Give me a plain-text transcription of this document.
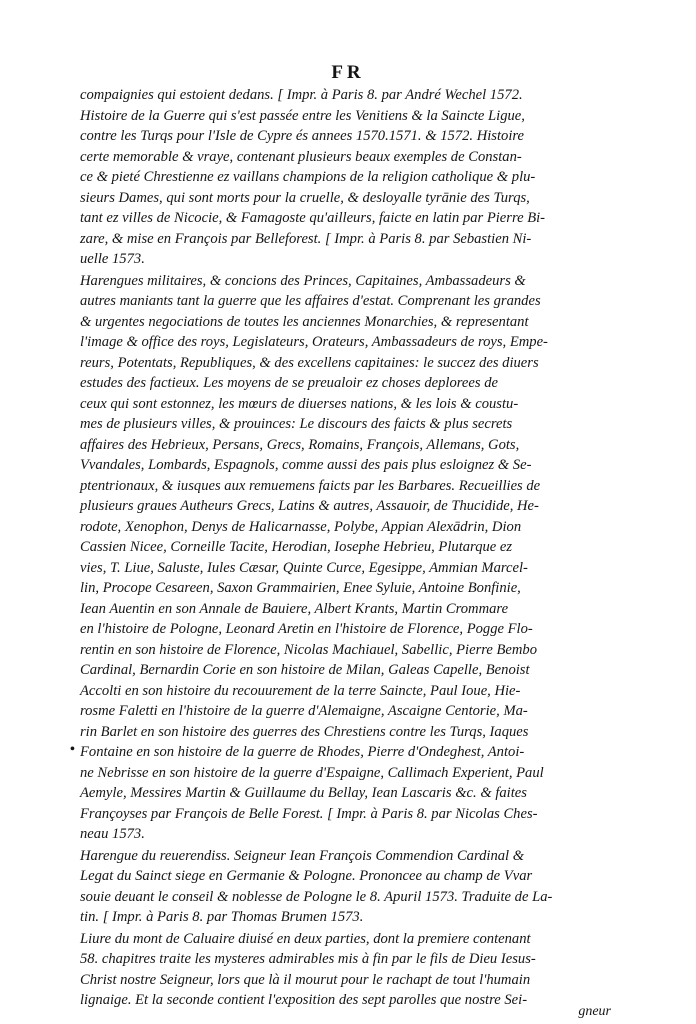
FR
compaignies qui estoient dedans. [ Impr. à Paris 8. par André Wechel 1572.
Histoire de la Guerre qui s'est passée entre les Venitiens & la Saincte Ligue,
contre les Turqs pour l'Isle de Cypre és annees 1570.1571. & 1572. Histoire
certe memorable & vraye, contenant plusieurs beaux exemples de Constan-
ce & pieté Chrestienne ez vaillans champions de la religion catholique & plu-
sieurs Dames, qui sont morts pour la cruelle, & desloyalle tyrānie des Turqs,
tant ez villes de Nicocie, & Famagoste qu'ailleurs, faicte en latin par Pierre Bi-
zare, & mise en François par Belleforest. [ Impr. à Paris 8. par Sebastien Ni-
uelle 1573.
Harengues militaires, & concions des Princes, Capitaines, Ambassadeurs &
autres maniants tant la guerre que les affaires d'estat. Comprenant les grandes
& urgentes negociations de toutes les anciennes Monarchies, & representant
l'image & office des roys, Legislateurs, Orateurs, Ambassadeurs de roys, Empe-
reurs, Potentats, Republiques, & des excellens capitaines: le succez des diuers
estudes des factieux. Les moyens de se preualoir ez choses deplorees de
ceux qui sont estonnez, les mœurs de diuerses nations, & les lois & coustu-
mes de plusieurs villes, & prouinces: Le discours des faicts & plus secrets
affaires des Hebrieux, Persans, Grecs, Romains, François, Allemans, Gots,
Vvandales, Lombards, Espagnols, comme aussi des pais plus esloignez & Se-
ptentrionaux, & iusques aux remuemens faicts par les Barbares. Recueillies de
plusieurs graues Autheurs Grecs, Latins & autres, Assauoir, de Thucidide, He-
rodote, Xenophon, Denys de Halicarnasse, Polybe, Appian Alexādrin, Dion
Cassien Nicee, Corneille Tacite, Herodian, Iosephe Hebrieu, Plutarque ez
vies, T. Liue, Saluste, Iules Cæsar, Quinte Curce, Egesippe, Ammian Marcel-
lin, Procope Cesareen, Saxon Grammairien, Enee Syluie, Antoine Bonfinie,
Iean Auentin en son Annale de Bauiere, Albert Krants, Martin Crommare
en l'histoire de Pologne, Leonard Aretin en l'histoire de Florence, Pogge Flo-
rentin en son histoire de Florence, Nicolas Machiauel, Sabellic, Pierre Bembo
Cardinal, Bernardin Corie en son histoire de Milan, Galeas Capelle, Benoist
Accolti en son histoire du recouurement de la terre Saincte, Paul Ioue, Hie-
rosme Faletti en l'histoire de la guerre d'Alemaigne, Ascaigne Centorie, Ma-
rin Barlet en son histoire des guerres des Chrestiens contre les Turqs, Iaques
Fontaine en son histoire de la guerre de Rhodes, Pierre d'Ondeghest, Antoi-
ne Nebrisse en son histoire de la guerre d'Espaigne, Callimach Experient, Paul
Aemyle, Messires Martin & Guillaume du Bellay, Iean Lascaris &c. & faites
Françoyses par François de Belle Forest. [ Impr. à Paris 8. par Nicolas Ches-
neau 1573.
Harengue du reuerendiss. Seigneur Iean François Commendion Cardinal &
Legat du Sainct siege en Germanie & Pologne. Prononcee au champ de Vvar
souie deuant le conseil & noblesse de Pologne le 8. Apuril 1573. Traduite de La-
tin. [ Impr. à Paris 8. par Thomas Brumen 1573.
Liure du mont de Caluaire diuisé en deux parties, dont la premiere contenant
58. chapitres traite les mysteres admirables mis à fin par le fils de Dieu Iesus-
Christ nostre Seigneur, lors que là il mourut pour le rachapt de tout l'humain
lignaige. Et la seconde contient l'exposition des sept parolles que nostre Sei-
gneur
•
